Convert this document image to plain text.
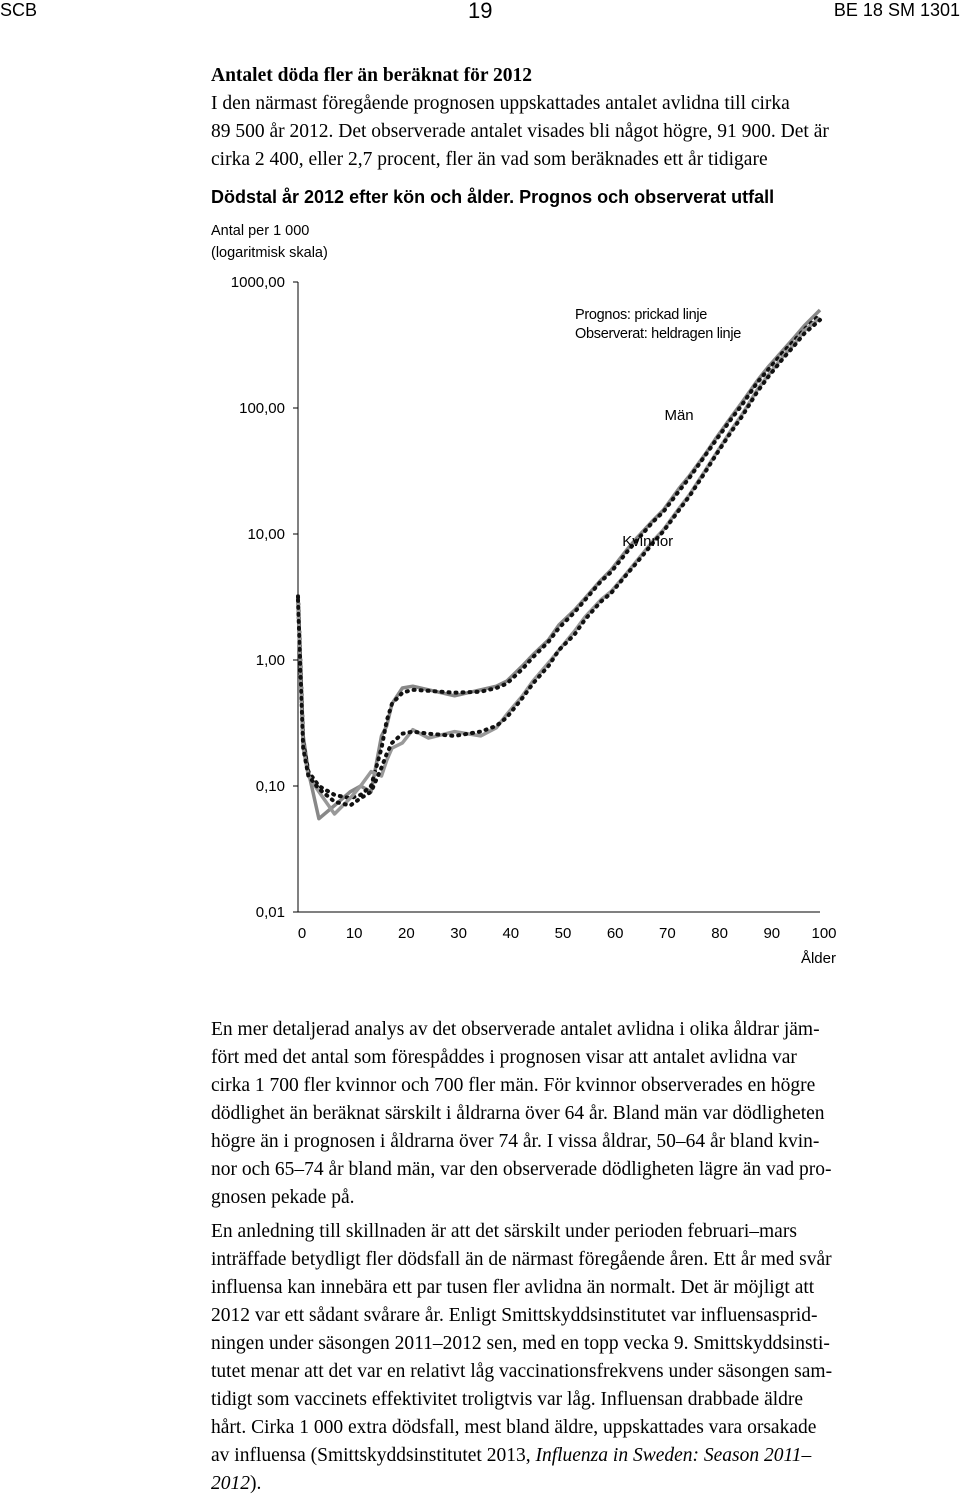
SCB	19	BE 18 SM 1301
Antalet döda fler än beräknat för 2012
I den närmast föregående prognosen uppskattades antalet avlidna till cirka
89 500 år 2012. Det observerade antalet visades bli något högre, 91 900. Det är
cirka 2 400, eller 2,7 procent, fler än vad som beräknades ett år tidigare
Dödstal år 2012 efter kön och ålder. Prognos och observerat utfall
Antal per 1 000
(logaritmisk skala)
1000,00
100,00
10,00
1,00
0,10
0,01
0	10 20 30 40 50 60 70 80 90 100
Ålder
Prognos: prickad linje
Observerat: heldragen linje
Män
Kvinnor
En mer detaljerad analys av det observerade antalet avlidna i olika åldrar jäm-
fört med det antal som förespåddes i prognosen visar att antalet avlidna var
cirka 1 700 fler kvinnor och 700 fler män. För kvinnor observerades en högre
dödlighet än beräknat särskilt i åldrarna över 64 år. Bland män var dödligheten
högre än i prognosen i åldrarna över 74 år. I vissa åldrar, 50–64 år bland kvin-
nor och 65–74 år bland män, var den observerade dödligheten lägre än vad pro-
gnosen pekade på.
En anledning till skillnaden är att det särskilt under perioden februari–mars
inträffade betydligt fler dödsfall än de närmast föregående åren. Ett år med svår
influensa kan innebära ett par tusen fler avlidna än normalt. Det är möjligt att
2012 var ett sådant svårare år. Enligt Smittskyddsinstitutet var influensasprid-
ningen under säsongen 2011–2012 sen, med en topp vecka 9. Smittskyddsinsti-
tutet menar att det var en relativt låg vaccinationsfrekvens under säsongen sam-
tidigt som vaccinets effektivitet troligtvis var låg. Influensan drabbade äldre
hårt. Cirka 1 000 extra dödsfall, mest bland äldre, uppskattades vara orsakade
av influensa (Smittskyddsinstitutet 2013, Influenza in Sweden: Season 2011–
2012).
